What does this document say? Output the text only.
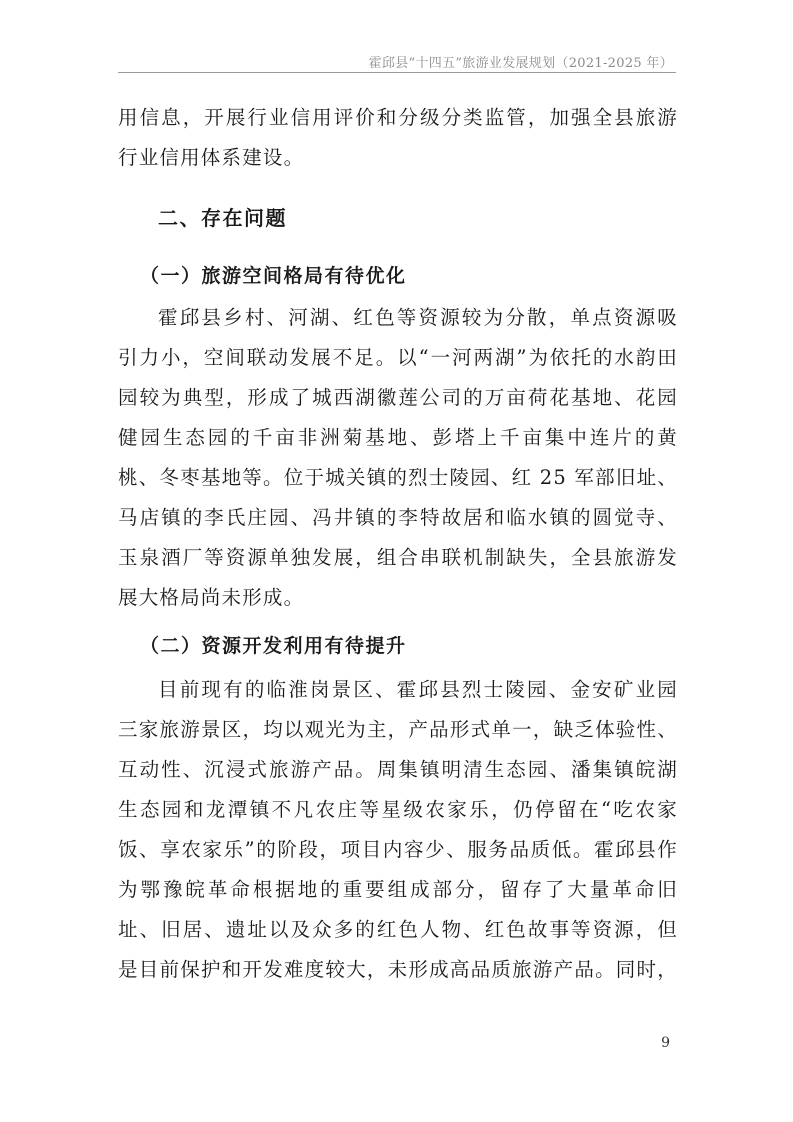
霍邱县“十四五”旅游业发展规划（2021-2025 年）
用信息，开展行业信用评价和分级分类监管，加强全县旅游
行业信用体系建设。
二、存在问题
（一）旅游空间格局有待优化
霍邱县乡村、河湖、红色等资源较为分散，单点资源吸
引力小，空间联动发展不足。以“一河两湖”为依托的水韵田
园较为典型，形成了城西湖徽莲公司的万亩荷花基地、花园
健园生态园的千亩非洲菊基地、彭塔上千亩集中连片的黄
桃、冬枣基地等。位于城关镇的烈士陵园、红 25 军部旧址、
马店镇的李氏庄园、冯井镇的李特故居和临水镇的圆觉寺、
玉泉酒厂等资源单独发展，组合串联机制缺失，全县旅游发
展大格局尚未形成。
（二）资源开发利用有待提升
目前现有的临淮岗景区、霍邱县烈士陵园、金安矿业园
三家旅游景区，均以观光为主，产品形式单一，缺乏体验性、
互动性、沉浸式旅游产品。周集镇明清生态园、潘集镇皖湖
生态园和龙潭镇不凡农庄等星级农家乐，仍停留在“吃农家
饭、享农家乐”的阶段，项目内容少、服务品质低。霍邱县作
为鄂豫皖革命根据地的重要组成部分，留存了大量革命旧
址、旧居、遗址以及众多的红色人物、红色故事等资源，但
是目前保护和开发难度较大，未形成高品质旅游产品。同时，
9
